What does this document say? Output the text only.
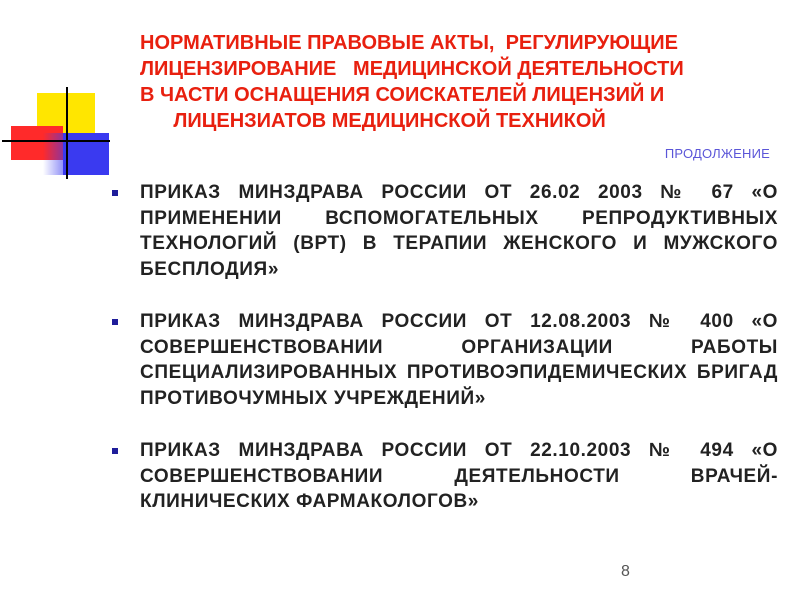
НОРМАТИВНЫЕ ПРАВОВЫЕ АКТЫ,  РЕГУЛИРУЮЩИЕ
ЛИЦЕНЗИРОВАНИЕ   МЕДИЦИНСКОЙ ДЕЯТЕЛЬНОСТИ
В ЧАСТИ ОСНАЩЕНИЯ СОИСКАТЕЛЕЙ ЛИЦЕНЗИЙ И
ЛИЦЕНЗИАТОВ МЕДИЦИНСКОЙ ТЕХНИКОЙ
ПРОДОЛЖЕНИЕ
ПРИКАЗ МИНЗДРАВА РОССИИ ОТ 26.02 2003 № 67 «О ПРИМЕНЕНИИ ВСПОМОГАТЕЛЬНЫХ РЕПРОДУКТИВНЫХ ТЕХНОЛОГИЙ (ВРТ) В ТЕРАПИИ ЖЕНСКОГО И МУЖСКОГО БЕСПЛОДИЯ»
ПРИКАЗ МИНЗДРАВА РОССИИ ОТ 12.08.2003 № 400 «О СОВЕРШЕНСТВОВАНИИ ОРГАНИЗАЦИИ РАБОТЫ СПЕЦИАЛИЗИРОВАННЫХ ПРОТИВОЭПИДЕМИЧЕСКИХ БРИГАД ПРОТИВОЧУМНЫХ УЧРЕЖДЕНИЙ»
ПРИКАЗ МИНЗДРАВА РОССИИ ОТ 22.10.2003 № 494 «О СОВЕРШЕНСТВОВАНИИ ДЕЯТЕЛЬНОСТИ ВРАЧЕЙ-КЛИНИЧЕСКИХ ФАРМАКОЛОГОВ»
8
